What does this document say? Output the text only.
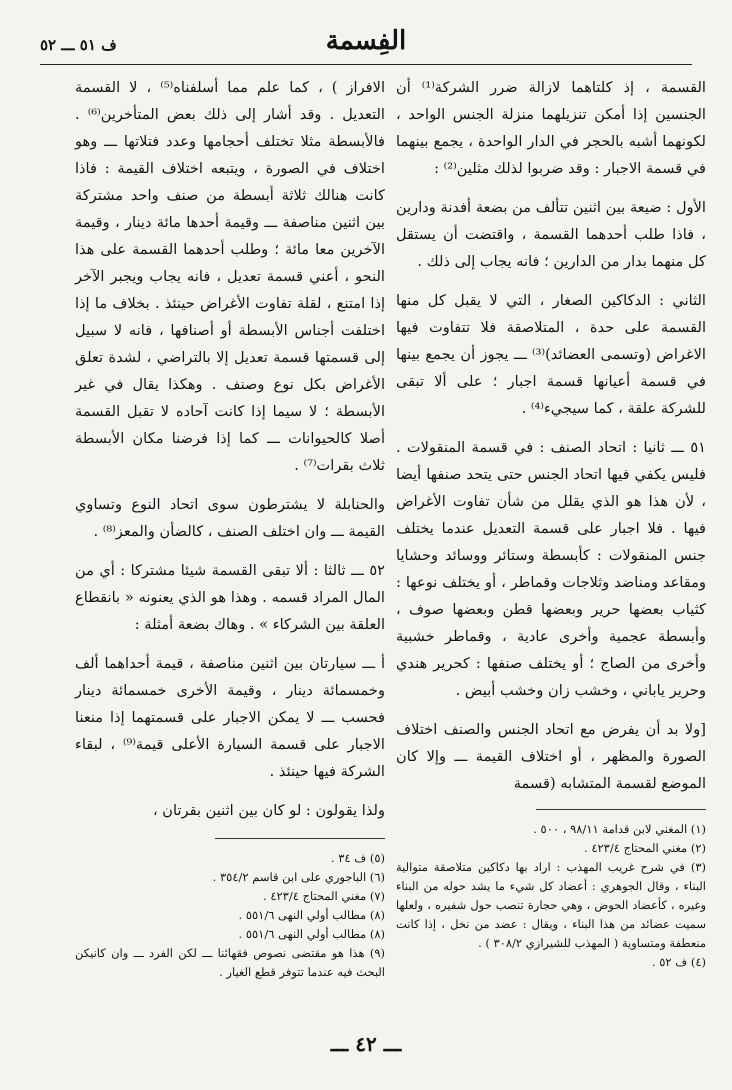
الفِسمة
ف ٥١ ـــ ٥٢

القسمة ، إذ كلتاهما لازالة ضرر الشركة⁽¹⁾ أن الجنسين إذا أمكن تنزيلهما منزلة الجنس الواحد ، لكونهما أشبه بالحجر في الدار الواحدة ، يجمع بينهما في قسمة الاجبار : وقد ضربوا لذلك مثلين⁽²⁾ :

الأول : ضيعة بين اثنين تتألف من بضعة أفدنة ودارين ، فاذا طلب أحدهما القسمة ، واقتضت أن يستقل كل منهما بدار من الدارين ؛ فانه يجاب إلى ذلك .

الثاني : الدكاكين الصغار ، التي لا يقبل كل منها القسمة على حدة ، المتلاصقة فلا تتفاوت فيها الاغراض (وتسمى العضائد)⁽³⁾ ـــ يجوز أن يجمع بينها في قسمة أعيانها قسمة اجبار ؛ على ألا تبقى للشركة علقة ، كما سيجيء⁽⁴⁾ .

٥١ ـــ ثانيا : اتحاد الصنف : في قسمة المنقولات . فليس يكفي فيها اتحاد الجنس حتى يتحد صنفها أيضا ، لأن هذا هو الذي يقلل من شأن تفاوت الأغراض فيها . فلا اجبار على قسمة التعديل عندما يختلف جنس المنقولات : كأبسطة وستائر ووسائد وحشايا ومقاعد ومناضد وثلاجات وقماطر ، أو يختلف نوعها : كثياب بعضها حرير وبعضها قطن وبعضها صوف ، وأبسطة عجمية وأخرى عادية ، وقماطر خشبية وأخرى من الصاج ؛ أو يختلف صنفها : كحرير هندي وحرير ياباني ، وخشب زان وخشب أبيض .

[ولا بد أن يفرض مع اتحاد الجنس والصنف اختلاف الصورة والمظهر ، أو اختلاف القيمة ـــ وإلا كان الموضع لقسمة المتشابه (قسمة

(١) المغني لابن قدامة ٩٨/١١ ، ٥٠٠ .
(٢) مغني المحتاج ٤٢٣/٤ .
(٣) في شرح غريب المهذب : اراد بها دكاكين متلاصقة متوالية البناء ، وقال الجوهري : أعضاد كل شيء ما يشد حوله من البناء وغيره ، كأعضاد الحوض ، وهي حجارة تنصب حول شفيره ، ولعلها سميت عضائد من هذا البناء ، ويقال : عضد من نخل ، إذا كانت منعطفة ومتساوية ( المهذب للشيرازي ٣٠٨/٢ ) .
(٤) ف ٥٢ .

الافراز ) ، كما علم مما أسلفناه⁽⁵⁾ ، لا القسمة التعديل . وقد أشار إلى ذلك بعض المتأخرين⁽⁶⁾ . فالأبسطة مثلا تختلف أحجامها وعدد فتلاتها ـــ وهو اختلاف في الصورة ، ويتبعه اختلاف القيمة : فاذا كانت هنالك ثلاثة أبسطة من صنف واحد مشتركة بين اثنين مناصفة ـــ وقيمة أحدها مائة دينار ، وقيمة الآخرين معا مائة ؛ وطلب أحدهما القسمة على هذا النحو ، أعني قسمة تعديل ، فانه يجاب ويجبر الآخر إذا امتنع ، لقلة تفاوت الأغراض حينئذ . بخلاف ما إذا اختلفت أجناس الأبسطة أو أصنافها ، فانه لا سبيل إلى قسمتها قسمة تعديل إلا بالتراضي ، لشدة تعلق الأغراض بكل نوع وصنف . وهكذا يقال في غير الأبسطة ؛ لا سيما إذا كانت آحاده لا تقبل القسمة أصلا كالحيوانات ـــ كما إذا فرضنا مكان الأبسطة ثلاث بقرات⁽⁷⁾ .

والحنابلة لا يشترطون سوى اتحاد النوع وتساوي القيمة ـــ وان اختلف الصنف ، كالضأن والمعز⁽⁸⁾ .

٥٢ ـــ ثالثا : ألا تبقى القسمة شيئا مشتركا : أي من المال المراد قسمه . وهذا هو الذي يعنونه « بانقطاع العلقة بين الشركاء » . وهاك بضعة أمثلة :

أ ـــ سيارتان بين اثنين مناصفة ، قيمة أحداهما ألف وخمسمائة دينار ، وقيمة الأخرى خمسمائة دينار فحسب ـــ لا يمكن الاجبار على قسمتهما إذا منعنا الاجبار على قسمة السيارة الأعلى قيمة⁽⁹⁾ ، لبقاء الشركة فيها حينئذ .

ولذا يقولون : لو كان بين اثنين بقرتان ،

(٥) ف ٣٤ .
(٦) الباجوري على ابن قاسم ٣٥٤/٢ .
(٧) مغني المحتاج ٤٢٣/٤ .
(٨) مطالب أولي النهى ٥٥١/٦ .
(٨) مطالب أولي النهى ٥٥١/٦ .
(٩) هذا هو مقتضى نصوص فقهائنا ـــ لكن الفرد ـــ وان كانيكن البحث فيه عندما تتوفر قطع الغيار .
ـــ ٤٢ ـــ
